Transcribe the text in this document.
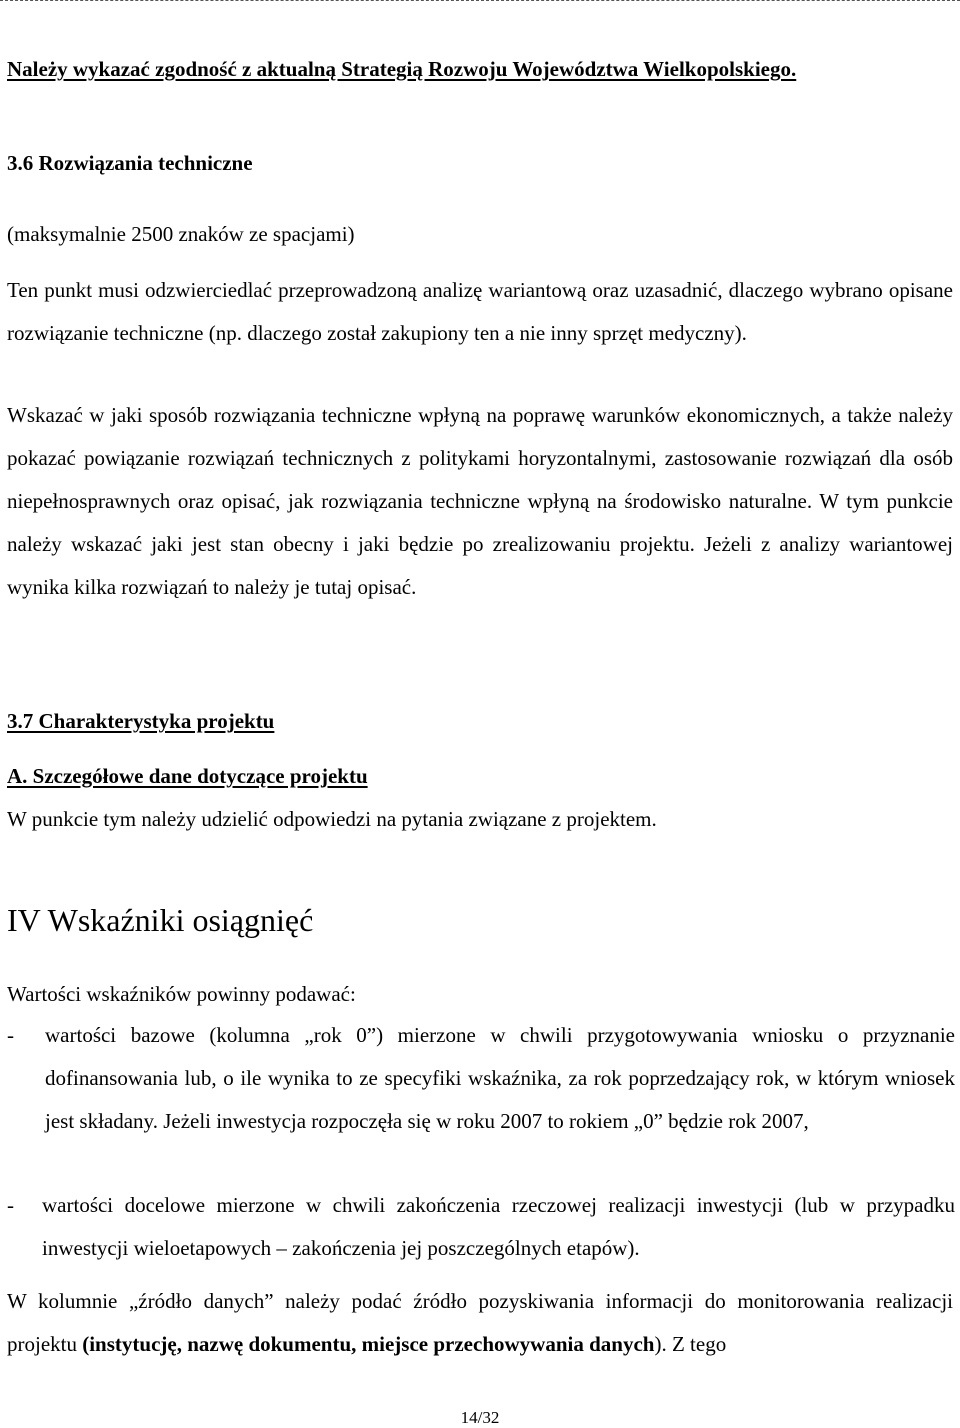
Należy wykazać zgodność z aktualną Strategią Rozwoju Województwa Wielkopolskiego.

3.6 Rozwiązania techniczne

(maksymalnie 2500 znaków ze spacjami)

Ten punkt musi odzwierciedlać przeprowadzoną analizę wariantową oraz uzasadnić, dlaczego wybrano opisane rozwiązanie techniczne (np. dlaczego został zakupiony ten a nie inny sprzęt medyczny).

Wskazać w jaki sposób rozwiązania techniczne wpłyną na poprawę warunków ekonomicznych, a także należy pokazać powiązanie rozwiązań technicznych z politykami horyzontalnymi, zastosowanie rozwiązań dla osób niepełnosprawnych oraz opisać, jak rozwiązania techniczne wpłyną na środowisko naturalne. W tym punkcie należy wskazać jaki jest stan obecny i jaki będzie po zrealizowaniu projektu. Jeżeli z analizy wariantowej wynika kilka rozwiązań to należy je tutaj opisać.

3.7 Charakterystyka projektu

A. Szczegółowe dane dotyczące projektu

W punkcie tym należy udzielić odpowiedzi na pytania związane z projektem.

IV Wskaźniki osiągnięć

Wartości wskaźników powinny podawać:

- wartości bazowe (kolumna „rok 0”) mierzone w chwili przygotowywania wniosku o przyznanie dofinansowania lub, o ile wynika to ze specyfiki wskaźnika, za rok poprzedzający rok, w którym wniosek jest składany. Jeżeli inwestycja rozpoczęła się w roku 2007 to rokiem „0” będzie rok 2007,

- wartości docelowe mierzone w chwili zakończenia rzeczowej realizacji inwestycji (lub w przypadku inwestycji wieloetapowych – zakończenia jej poszczególnych etapów).

W kolumnie „źródło danych” należy podać źródło pozyskiwania informacji do monitorowania realizacji projektu (instytucję, nazwę dokumentu, miejsce przechowywania danych). Z tego

14/32
